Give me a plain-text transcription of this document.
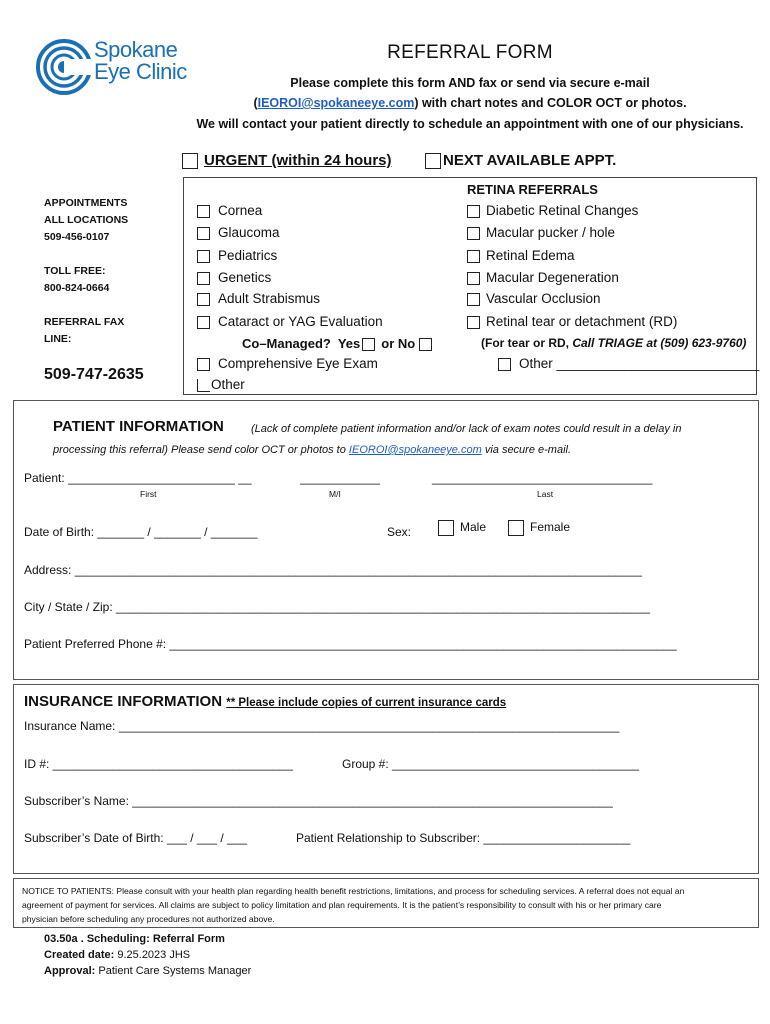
Spokane
Eye Clinic
REFERRAL FORM
Please complete this form AND fax or send via secure e-mail
(IEOROI@spokaneeye.com) with chart notes and COLOR OCT or photos.
We will contact your patient directly to schedule an appointment with one of our physicians.
URGENT (within 24 hours)	NEXT AVAILABLE APPT.
APPOINTMENTS
ALL LOCATIONS
509-456-0107
TOLL FREE:
800-824-0664
REFERRAL FAX
LINE:
509-747-2635
Cornea
Glaucoma
Pediatrics
Genetics
Adult Strabismus
Cataract or YAG Evaluation
Co–Managed? Yes or No
Comprehensive Eye Exam
Other
RETINA REFERRALS
Diabetic Retinal Changes
Macular pucker / hole
Retinal Edema
Macular Degeneration
Vascular Occlusion
Retinal tear or detachment (RD)
(For tear or RD, Call TRIAGE at (509) 623-9760)
Other ___________________________
PATIENT INFORMATION (Lack of complete patient information and/or lack of exam notes could result in a delay in
processing this referral) Please send color OCT or photos to IEOROI@spokaneeye.com via secure e-mail.
Patient: _________________________ __	____________	_________________________________
First	M/I	Last
Date of Birth: _______ / _______ / _______	Sex:	Male	Female
Address: _____________________________________________________________________________________
City / State / Zip: ________________________________________________________________________________
Patient Preferred Phone #: ____________________________________________________________________________
INSURANCE INFORMATION ** Please include copies of current insurance cards
Insurance Name: ___________________________________________________________________________
ID #: ____________________________________	Group #: _____________________________________
Subscriber’s Name: ________________________________________________________________________
Subscriber’s Date of Birth: ___ / ___ / ___	Patient Relationship to Subscriber: ______________________
NOTICE TO PATIENTS: Please consult with your health plan regarding health benefit restrictions, limitations, and process for scheduling services. A referral does not equal an
agreement of payment for services. All claims are subject to policy limitation and plan requirements. It is the patient’s responsibility to consult with his or her primary care
physician before scheduling any procedures not authorized above.
03.50a . Scheduling: Referral Form
Created date: 9.25.2023 JHS
Approval: Patient Care Systems Manager
